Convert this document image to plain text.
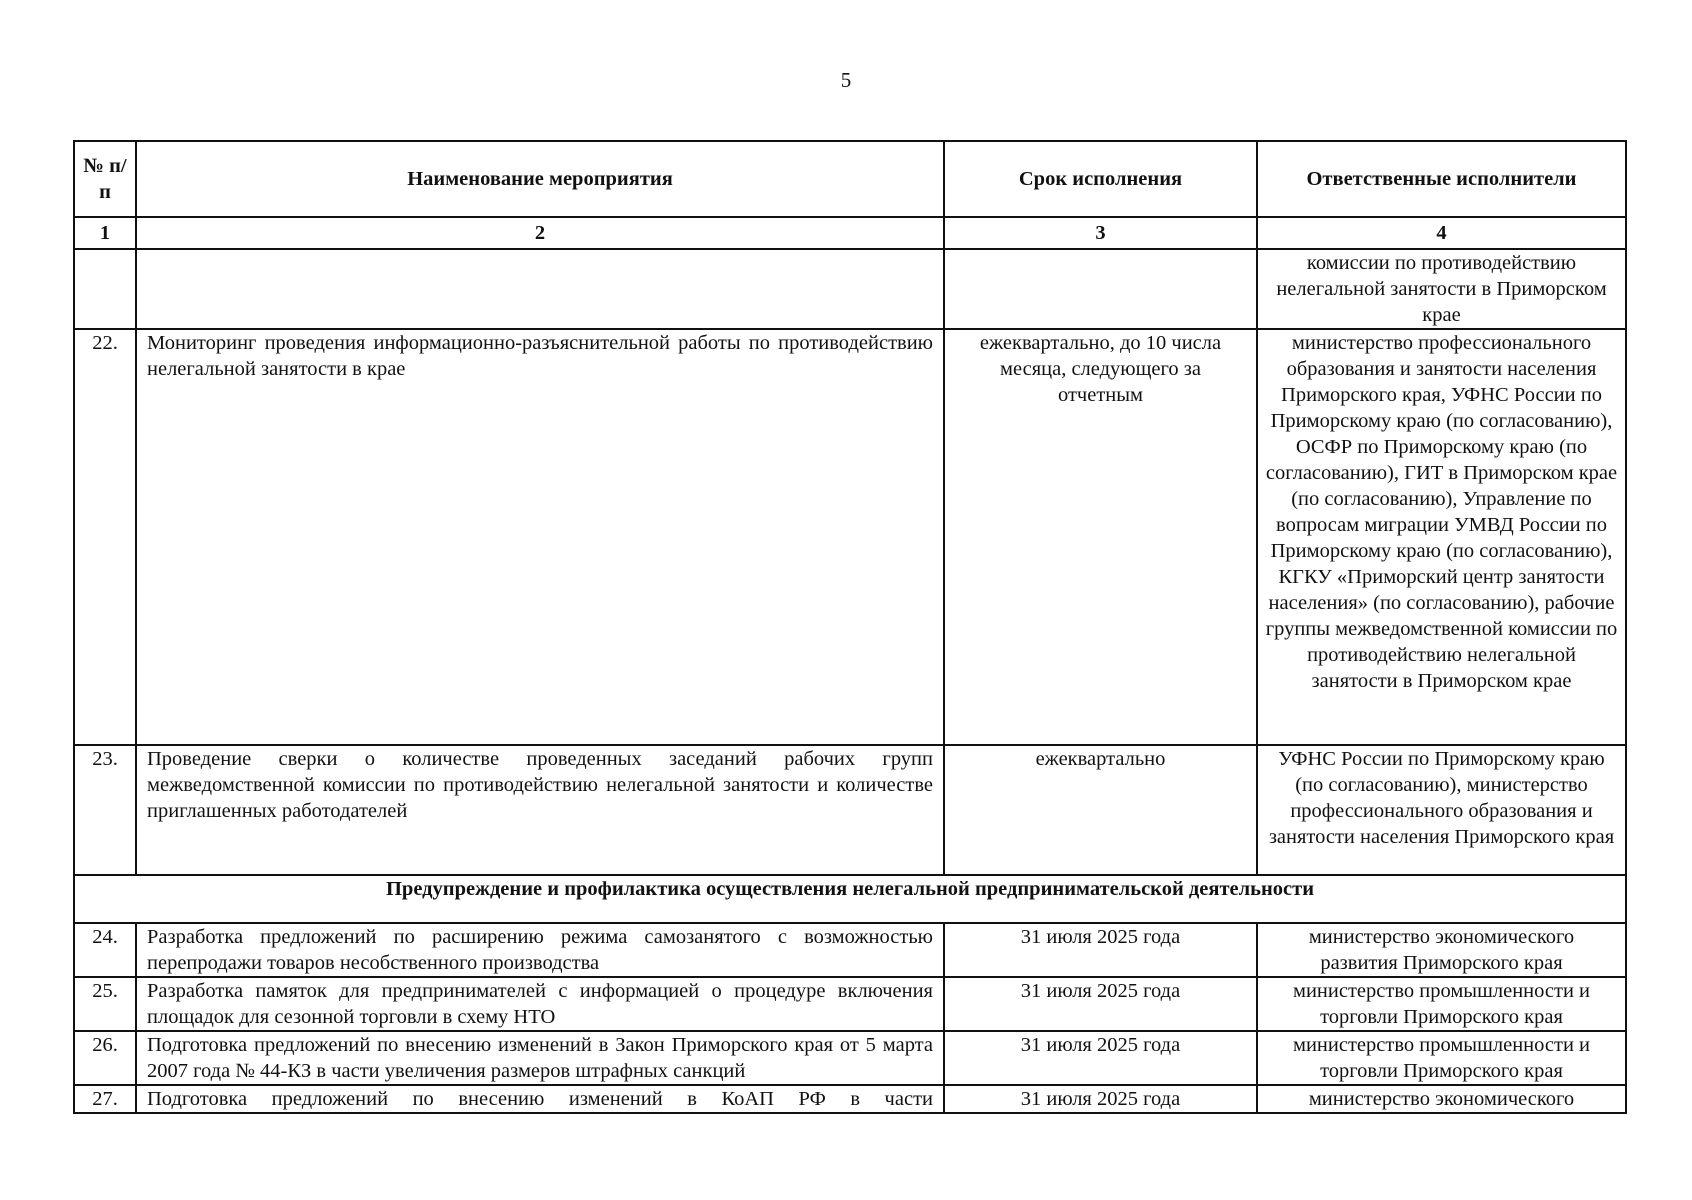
5
№ п/п	Наименование мероприятия	Срок исполнения	Ответственные исполнители
1	2	3	4
			комиссии по противодействию нелегальной занятости в Приморском крае
22.	Мониторинг проведения информационно-разъяснительной работы по противодействию нелегальной занятости в крае	ежеквартально, до 10 числа месяца, следующего за отчетным	министерство профессионального образования и занятости населения Приморского края, УФНС России по Приморскому краю (по согласованию), ОСФР по Приморскому краю (по согласованию), ГИТ в Приморском крае (по согласованию), Управление по вопросам миграции УМВД России по Приморскому краю (по согласованию), КГКУ «Приморский центр занятости населения» (по согласованию), рабочие группы межведомственной комиссии по противодействию нелегальной занятости в Приморском крае
23.	Проведение сверки о количестве проведенных заседаний рабочих групп межведомственной комиссии по противодействию нелегальной занятости и количестве приглашенных работодателей	ежеквартально	УФНС России по Приморскому краю (по согласованию), министерство профессионального образования и занятости населения Приморского края
Предупреждение и профилактика осуществления нелегальной предпринимательской деятельности			
24.	Разработка предложений по расширению режима самозанятого с возможностью перепродажи товаров несобственного производства	31 июля 2025 года	министерство экономического развития Приморского края
25.	Разработка памяток для предпринимателей с информацией о процедуре включения площадок для сезонной торговли в схему НТО	31 июля 2025 года	министерство промышленности и торговли Приморского края
26.	Подготовка предложений по внесению изменений в Закон Приморского края от 5 марта 2007 года № 44-КЗ в части увеличения размеров штрафных санкций	31 июля 2025 года	министерство промышленности и торговли Приморского края
27.	Подготовка предложений по внесению изменений в КоАП РФ в части	31 июля 2025 года	министерство экономического
